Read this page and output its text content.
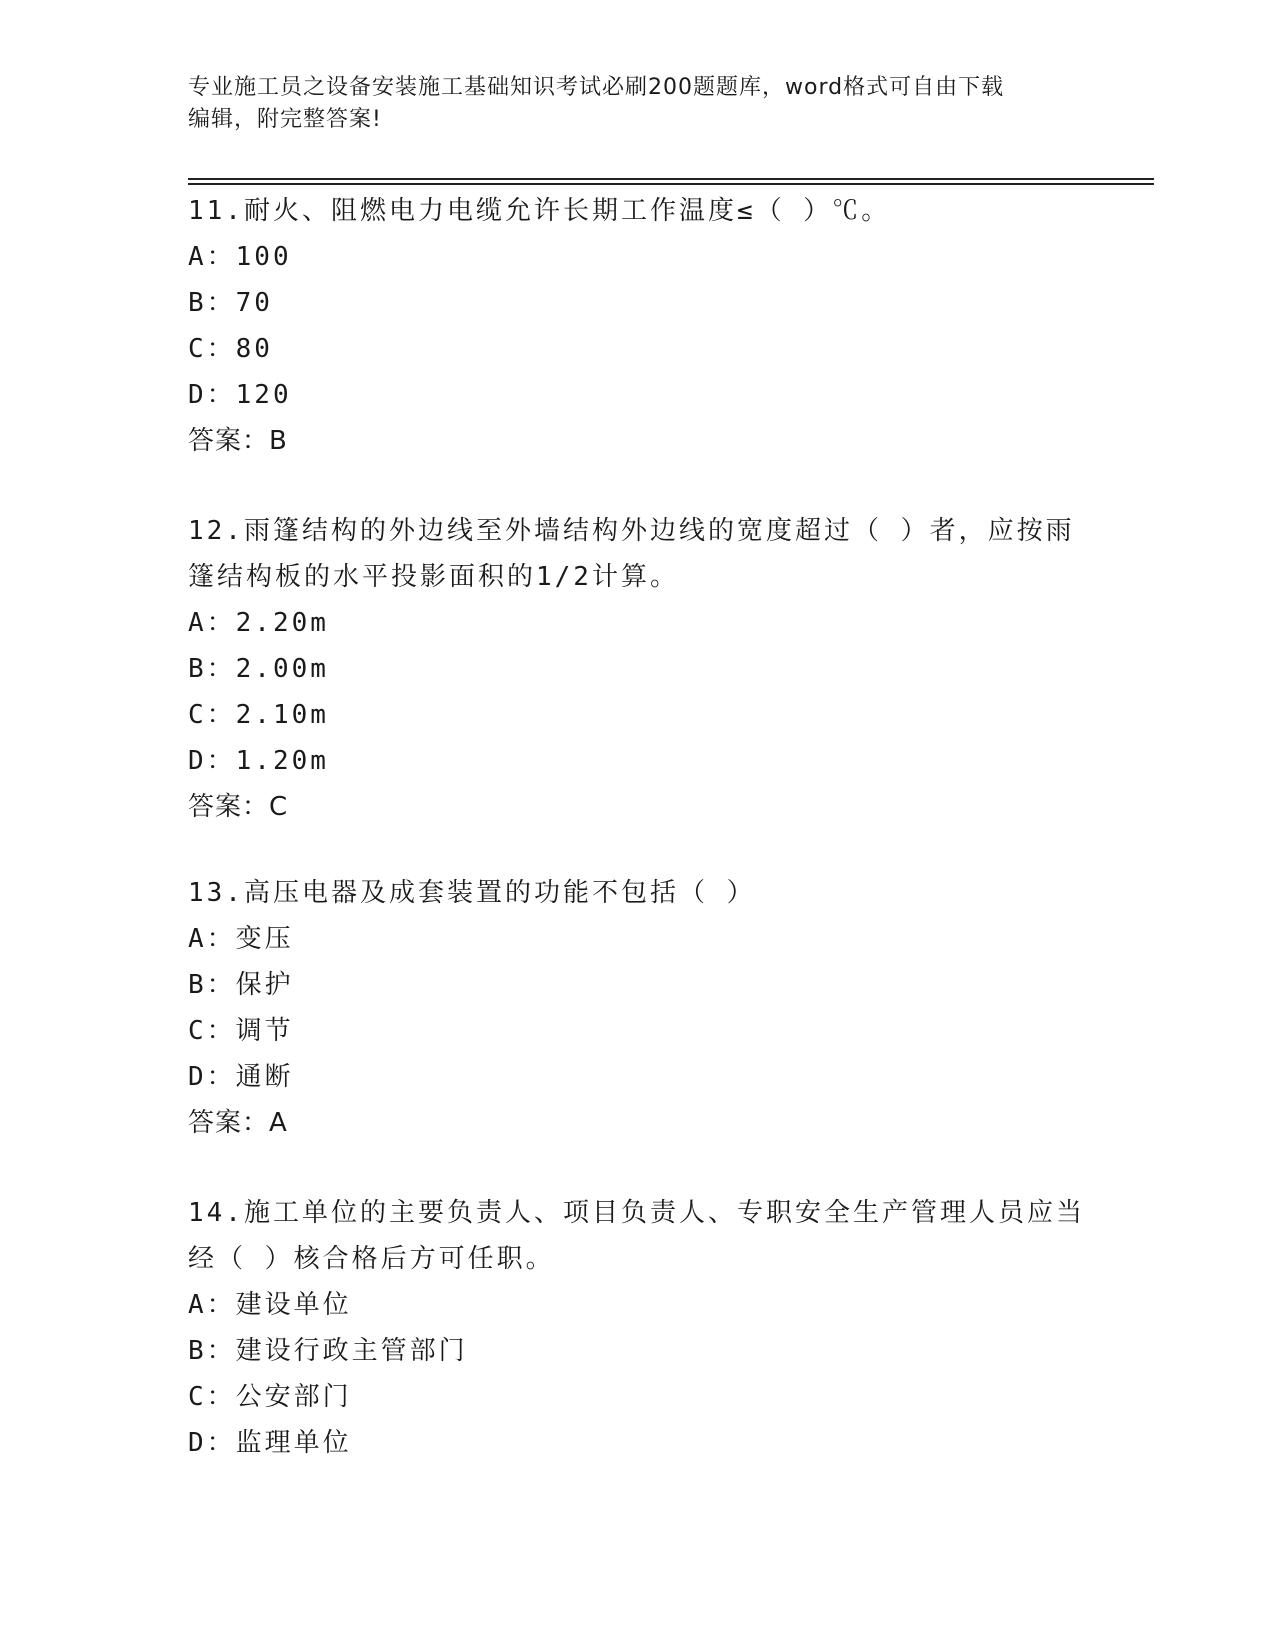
专业施工员之设备安装施工基础知识考试必刷200题题库，word格式可自由下载
编辑，附完整答案!
11.耐火、阻燃电力电缆允许长期工作温度≤（ ）℃。
A：100
B：70
C：80
D：120
答案：B
12.雨篷结构的外边线至外墙结构外边线的宽度超过（ ）者，应按雨
篷结构板的水平投影面积的1/2计算。
A：2.20m
B：2.00m
C：2.10m
D：1.20m
答案：C
13.高压电器及成套装置的功能不包括（ ）
A：变压
B：保护
C：调节
D：通断
答案：A
14.施工单位的主要负责人、项目负责人、专职安全生产管理人员应当
经（ ）核合格后方可任职。
A：建设单位
B：建设行政主管部门
C：公安部门
D：监理单位
